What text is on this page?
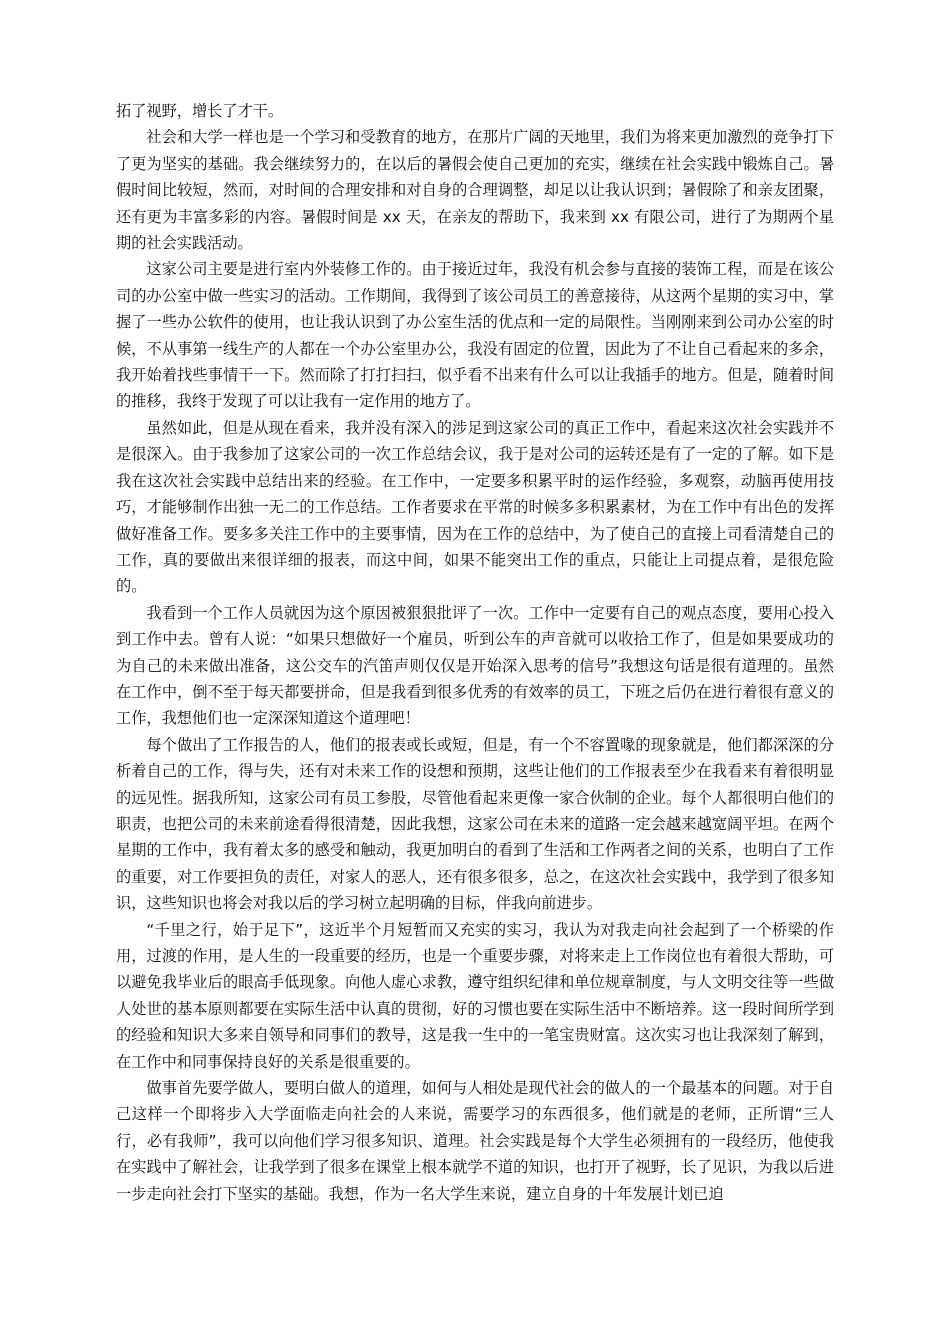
拓了视野，增长了才干。

社会和大学一样也是一个学习和受教育的地方，在那片广阔的天地里，我们为将来更加激烈的竞争打下了更为坚实的基础。我会继续努力的，在以后的暑假会使自己更加的充实，继续在社会实践中锻炼自己。暑假时间比较短，然而，对时间的合理安排和对自身的合理调整，却足以让我认识到；暑假除了和亲友团聚，还有更为丰富多彩的内容。暑假时间是 xx 天，在亲友的帮助下，我来到 xx 有限公司，进行了为期两个星期的社会实践活动。

这家公司主要是进行室内外装修工作的。由于接近过年，我没有机会参与直接的装饰工程，而是在该公司的办公室中做一些实习的活动。工作期间，我得到了该公司员工的善意接待，从这两个星期的实习中，掌握了一些办公软件的使用，也让我认识到了办公室生活的优点和一定的局限性。当刚刚来到公司办公室的时候，不从事第一线生产的人都在一个办公室里办公，我没有固定的位置，因此为了不让自己看起来的多余，我开始着找些事情干一下。然而除了打打扫扫，似乎看不出来有什么可以让我插手的地方。但是，随着时间的推移，我终于发现了可以让我有一定作用的地方了。

虽然如此，但是从现在看来，我并没有深入的涉足到这家公司的真正工作中，看起来这次社会实践并不是很深入。由于我参加了这家公司的一次工作总结会议，我于是对公司的运转还是有了一定的了解。如下是我在这次社会实践中总结出来的经验。在工作中，一定要多积累平时的运作经验，多观察，动脑再使用技巧，才能够制作出独一无二的工作总结。工作者要求在平常的时候多多积累素材，为在工作中有出色的发挥做好准备工作。要多多关注工作中的主要事情，因为在工作的总结中，为了使自己的直接上司看清楚自己的工作，真的要做出来很详细的报表，而这中间，如果不能突出工作的重点，只能让上司提点着，是很危险的。

我看到一个工作人员就因为这个原因被狠狠批评了一次。工作中一定要有自己的观点态度，要用心投入到工作中去。曾有人说：“如果只想做好一个雇员，听到公车的声音就可以收拾工作了，但是如果要成功的为自己的未来做出准备，这公交车的汽笛声则仅仅是开始深入思考的信号”我想这句话是很有道理的。虽然在工作中，倒不至于每天都要拼命，但是我看到很多优秀的有效率的员工，下班之后仍在进行着很有意义的工作，我想他们也一定深深知道这个道理吧！

每个做出了工作报告的人，他们的报表或长或短，但是，有一个不容置喙的现象就是，他们都深深的分析着自己的工作，得与失，还有对未来工作的设想和预期，这些让他们的工作报表至少在我看来有着很明显的远见性。据我所知，这家公司有员工参股，尽管他看起来更像一家合伙制的企业。每个人都很明白他们的职责，也把公司的未来前途看得很清楚，因此我想，这家公司在未来的道路一定会越来越宽阔平坦。在两个星期的工作中，我有着太多的感受和触动，我更加明白的看到了生活和工作两者之间的关系，也明白了工作的重要，对工作要担负的责任，对家人的恶人，还有很多很多，总之，在这次社会实践中，我学到了很多知识，这些知识也将会对我以后的学习树立起明确的目标，伴我向前进步。

“千里之行，始于足下”，这近半个月短暂而又充实的实习，我认为对我走向社会起到了一个桥梁的作用，过渡的作用，是人生的一段重要的经历，也是一个重要步骤，对将来走上工作岗位也有着很大帮助，可以避免我毕业后的眼高手低现象。向他人虚心求教，遵守组织纪律和单位规章制度，与人文明交往等一些做人处世的基本原则都要在实际生活中认真的贯彻，好的习惯也要在实际生活中不断培养。这一段时间所学到的经验和知识大多来自领导和同事们的教导，这是我一生中的一笔宝贵财富。这次实习也让我深刻了解到，在工作中和同事保持良好的关系是很重要的。

做事首先要学做人，要明白做人的道理，如何与人相处是现代社会的做人的一个最基本的问题。对于自己这样一个即将步入大学面临走向社会的人来说，需要学习的东西很多，他们就是的老师，正所谓“三人行，必有我师”，我可以向他们学习很多知识、道理。社会实践是每个大学生必须拥有的一段经历，他使我在实践中了解社会，让我学到了很多在课堂上根本就学不道的知识，也打开了视野，长了见识，为我以后进一步走向社会打下坚实的基础。我想，作为一名大学生来说，建立自身的十年发展计划已迫
